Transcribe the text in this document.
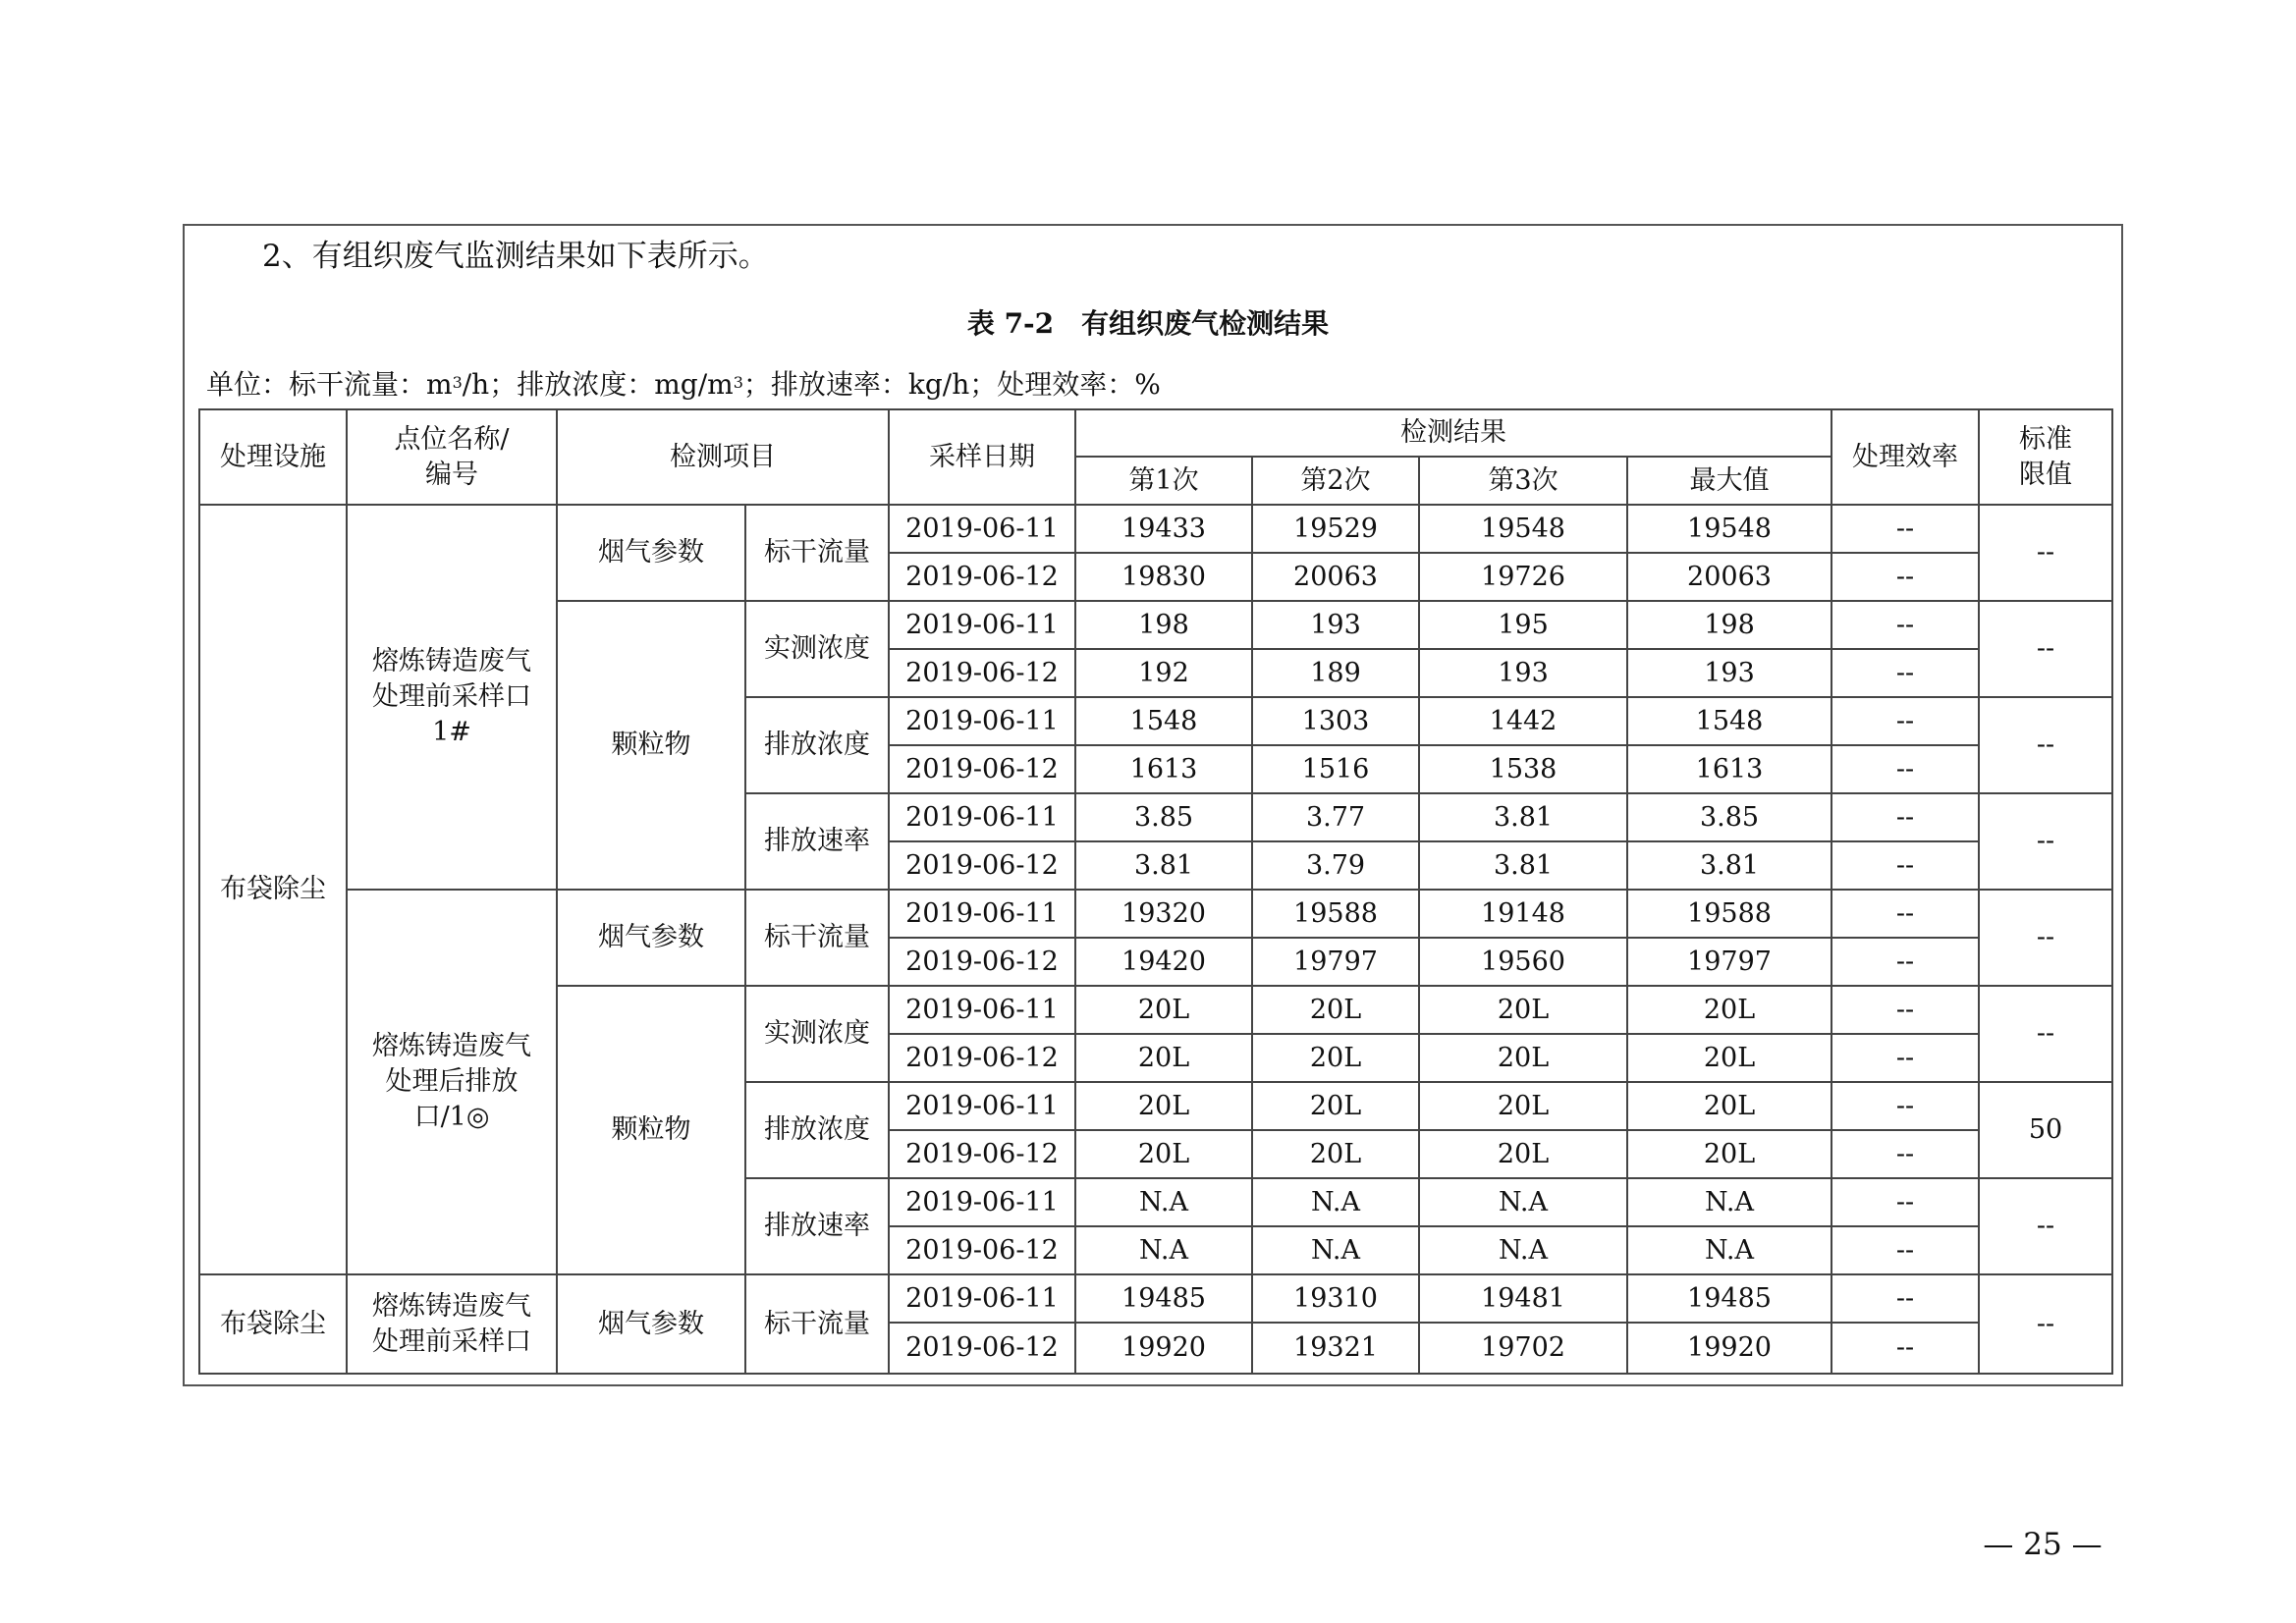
2、有组织废气监测结果如下表所示。
表 7-2　有组织废气检测结果
单位：标干流量：$m^3/h$；排放浓度：$mg/m^3$；排放速率：kg/h；处理效率：%
处理设施	点位名称/编号	检测项目		采样日期	检测结果				处理效率	标准限值
					第1次	第2次	第3次	最大值		
布袋除尘	熔炼铸造废气处理前采样口1#	烟气参数	标干流量	2019-06-11	19433	19529	19548	19548	--	--
				2019-06-12	19830	20063	19726	20063	--	
		颗粒物	实测浓度	2019-06-11	198	193	195	198	--	--
				2019-06-12	192	189	193	193	--	
			排放浓度	2019-06-11	1548	1303	1442	1548	--	--
				2019-06-12	1613	1516	1538	1613	--	
			排放速率	2019-06-11	3.85	3.77	3.81	3.85	--	--
				2019-06-12	3.81	3.79	3.81	3.81	--	
	熔炼铸造废气处理后排放口/1◎	烟气参数	标干流量	2019-06-11	19320	19588	19148	19588	--	--
				2019-06-12	19420	19797	19560	19797	--	
		颗粒物	实测浓度	2019-06-11	20L	20L	20L	20L	--	--
				2019-06-12	20L	20L	20L	20L	--	
			排放浓度	2019-06-11	20L	20L	20L	20L	--	50
				2019-06-12	20L	20L	20L	20L	--	
			排放速率	2019-06-11	N.A	N.A	N.A	N.A	--	--
				2019-06-12	N.A	N.A	N.A	N.A	--	
布袋除尘	熔炼铸造废气处理前采样口	烟气参数	标干流量	2019-06-11	19485	19310	19481	19485	--	--
				2019-06-12	19920	19321	19702	19920	--	
— 25 —
